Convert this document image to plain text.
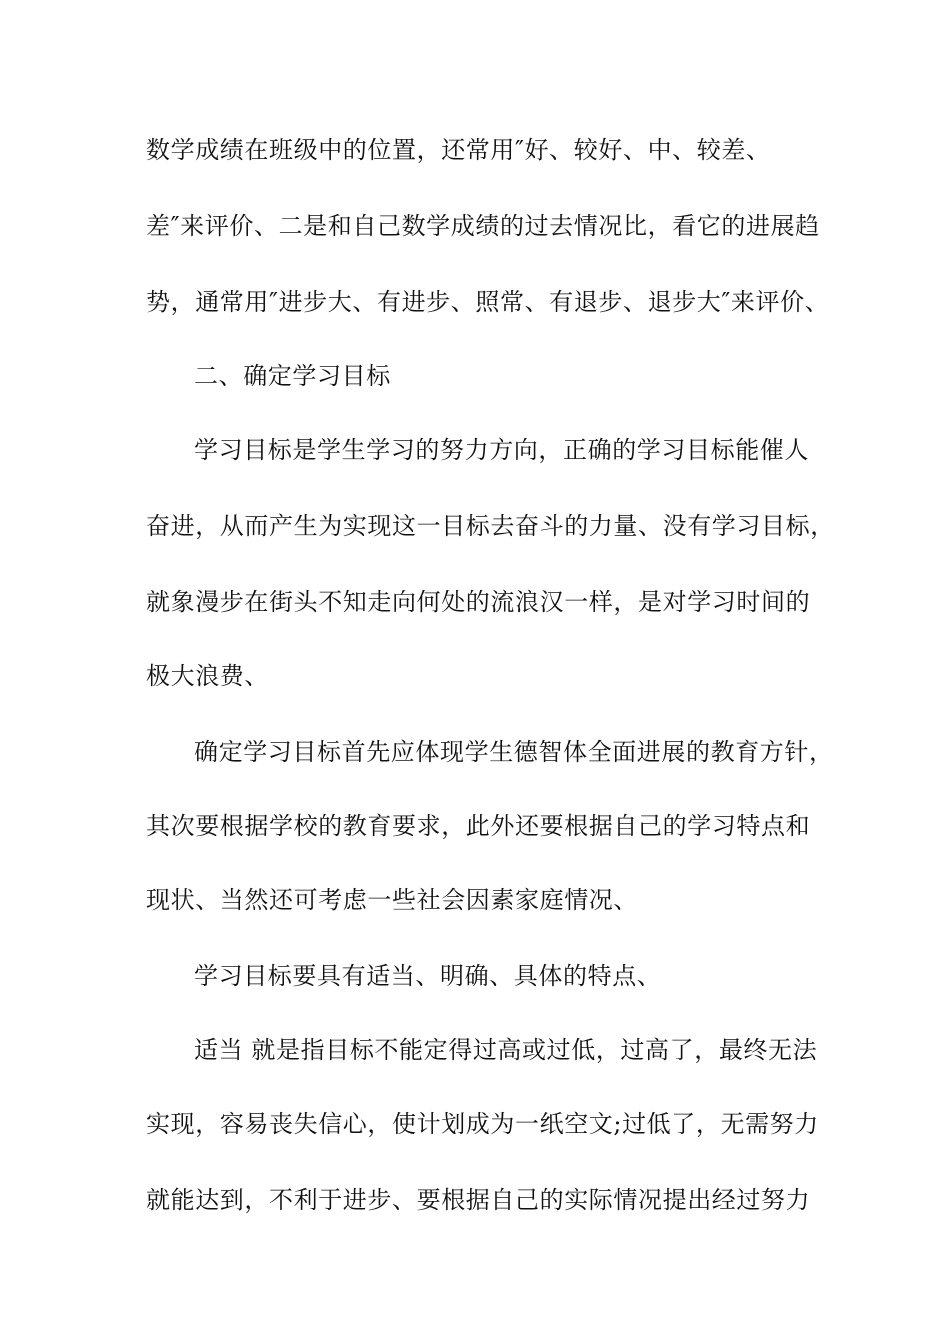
数学成绩在班级中的位置，还常用″好、较好、中、较差、
差″来评价、二是和自己数学成绩的过去情况比，看它的进展趋
势，通常用″进步大、有进步、照常、有退步、退步大″来评价、
二、确定学习目标
学习目标是学生学习的努力方向，正确的学习目标能催人
奋进，从而产生为实现这一目标去奋斗的力量、没有学习目标，
就象漫步在街头不知走向何处的流浪汉一样，是对学习时间的
极大浪费、
确定学习目标首先应体现学生德智体全面进展的教育方针，
其次要根据学校的教育要求，此外还要根据自己的学习特点和
现状、当然还可考虑一些社会因素家庭情况、
学习目标要具有适当、明确、具体的特点、
适当 就是指目标不能定得过高或过低，过高了，最终无法
实现，容易丧失信心，使计划成为一纸空文;过低了，无需努力
就能达到，不利于进步、要根据自己的实际情况提出经过努力
